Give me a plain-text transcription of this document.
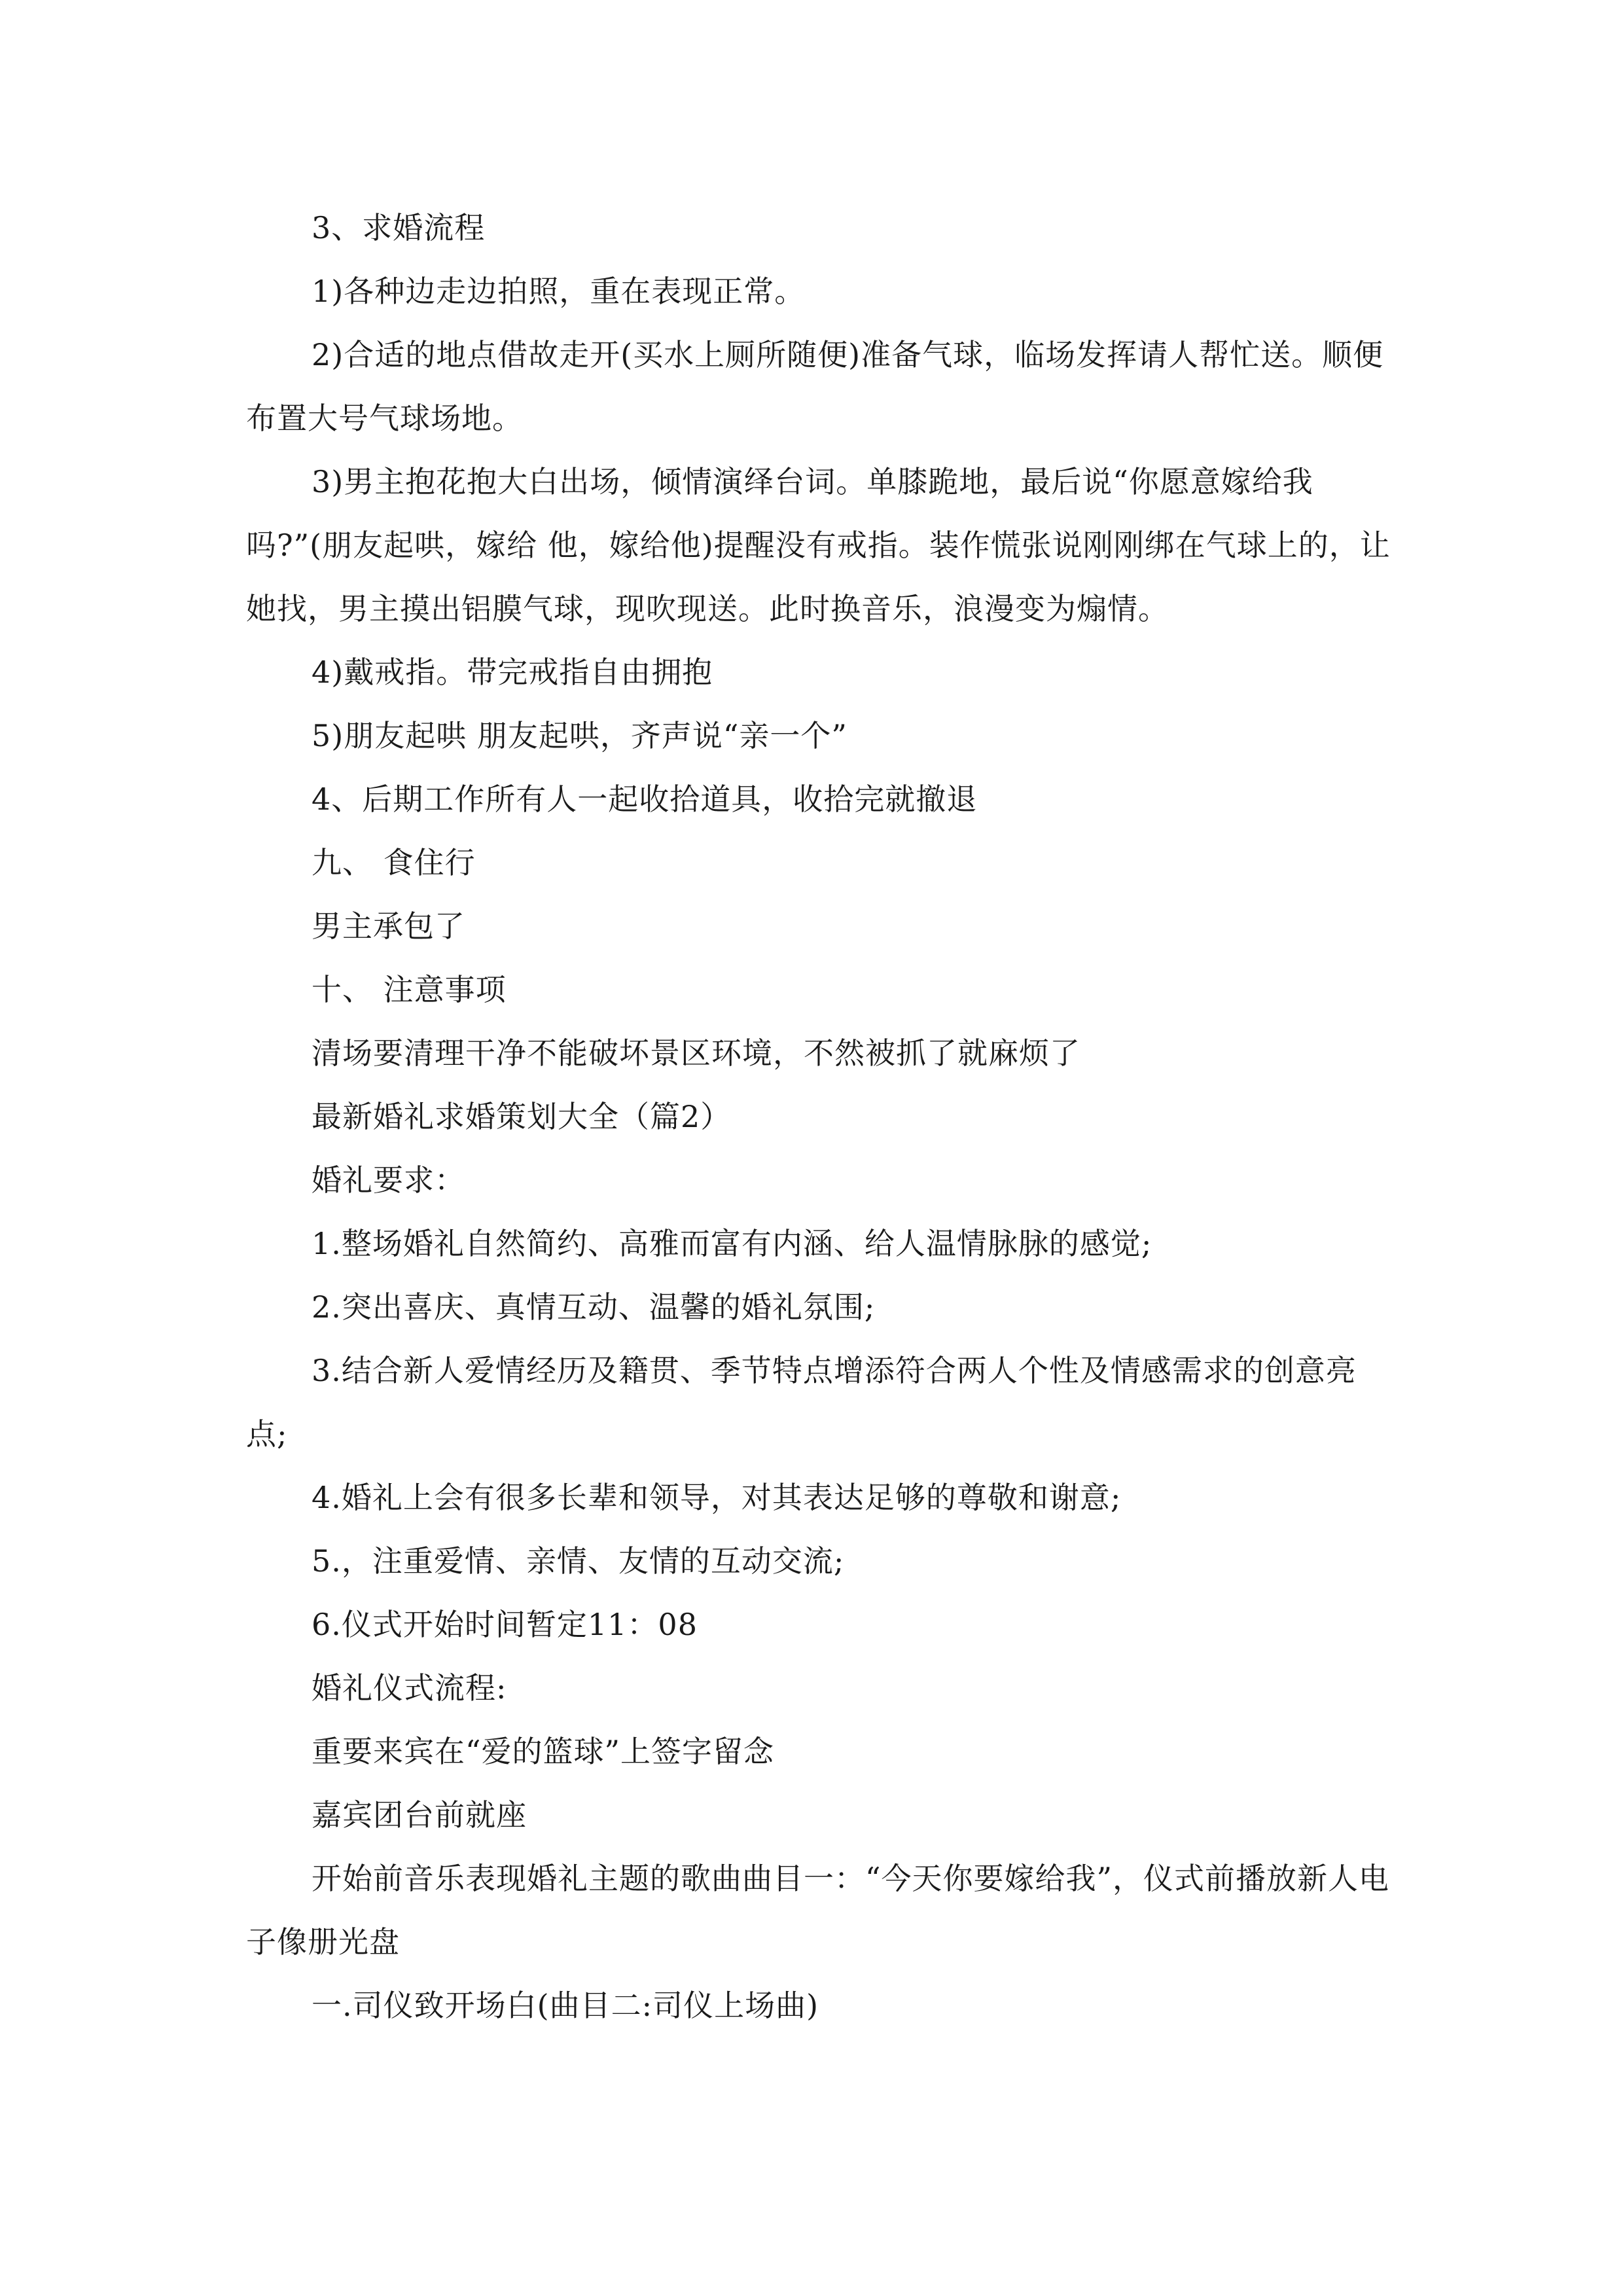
3、求婚流程

1)各种边走边拍照，重在表现正常。

2)合适的地点借故走开(买水上厕所随便)准备气球，临场发挥请人帮忙送。顺便布置大号气球场地。

3)男主抱花抱大白出场，倾情演绎台词。单膝跪地，最后说“你愿意嫁给我吗?”(朋友起哄，嫁给 他，嫁给他)提醒没有戒指。装作慌张说刚刚绑在气球上的，让她找，男主摸出铝膜气球，现吹现送。此时换音乐，浪漫变为煽情。

4)戴戒指。带完戒指自由拥抱

5)朋友起哄 朋友起哄，齐声说“亲一个”

4、后期工作所有人一起收拾道具，收拾完就撤退

九、 食住行

男主承包了

十、 注意事项

清场要清理干净不能破坏景区环境，不然被抓了就麻烦了

最新婚礼求婚策划大全（篇2）

婚礼要求：

1.整场婚礼自然简约、高雅而富有内涵、给人温情脉脉的感觉;

2.突出喜庆、真情互动、温馨的婚礼氛围;

3.结合新人爱情经历及籍贯、季节特点增添符合两人个性及情感需求的创意亮点;

4.婚礼上会有很多长辈和领导，对其表达足够的尊敬和谢意;

5.，注重爱情、亲情、友情的互动交流;

6.仪式开始时间暂定11：08

婚礼仪式流程:

重要来宾在“爱的篮球”上签字留念

嘉宾团台前就座

开始前音乐表现婚礼主题的歌曲曲目一：“今天你要嫁给我”，仪式前播放新人电子像册光盘

一.司仪致开场白(曲目二:司仪上场曲)
